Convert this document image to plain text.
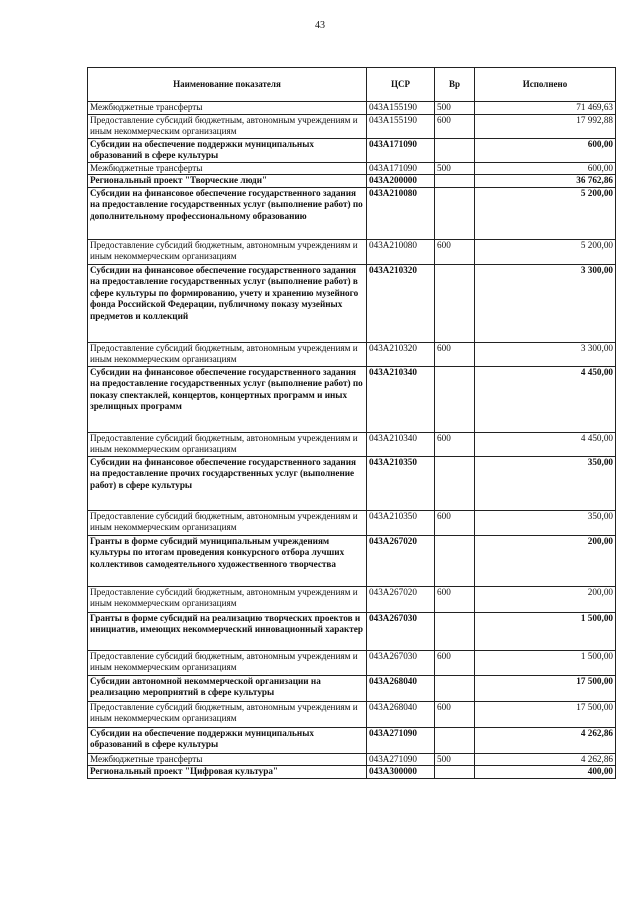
43
Наименование показателя	ЦСР	Вр	Исполнено
Межбюджетные трансферты	043A155190	500	71 469,63
Предоставление субсидий бюджетным, автономным учреждениям и иным некоммерческим организациям	043A155190	600	17 992,88
Субсидии на обеспечение поддержки муниципальных образований в сфере культуры	043A171090		600,00
Межбюджетные трансферты	043A171090	500	600,00
Региональный проект "Творческие люди"	043A200000		36 762,86
Субсидии на финансовое обеспечение государственного задания на предоставление государственных услуг (выполнение работ) по дополнительному профессиональному образованию	043A210080		5 200,00
Предоставление субсидий бюджетным, автономным учреждениям и иным некоммерческим организациям	043A210080	600	5 200,00
Субсидии на финансовое обеспечение государственного задания на предоставление государственных услуг (выполнение работ) в сфере культуры по формированию, учету и хранению музейного фонда Российской Федерации, публичному показу музейных предметов и коллекций	043A210320		3 300,00
Предоставление субсидий бюджетным, автономным учреждениям и иным некоммерческим организациям	043A210320	600	3 300,00
Субсидии на финансовое обеспечение государственного задания на предоставление государственных услуг (выполнение работ) по показу спектаклей, концертов, концертных программ и иных зрелищных программ	043A210340		4 450,00
Предоставление субсидий бюджетным, автономным учреждениям и иным некоммерческим организациям	043A210340	600	4 450,00
Субсидии на финансовое обеспечение государственного задания на предоставление прочих государственных услуг (выполнение работ) в сфере культуры	043A210350		350,00
Предоставление субсидий бюджетным, автономным учреждениям и иным некоммерческим организациям	043A210350	600	350,00
Гранты в форме субсидий муниципальным учреждениям культуры по итогам проведения конкурсного отбора лучших коллективов самодеятельного художественного творчества	043A267020		200,00
Предоставление субсидий бюджетным, автономным учреждениям и иным некоммерческим организациям	043A267020	600	200,00
Гранты в форме субсидий на реализацию творческих проектов и инициатив, имеющих некоммерческий инновационный характер	043A267030		1 500,00
Предоставление субсидий бюджетным, автономным учреждениям и иным некоммерческим организациям	043A267030	600	1 500,00
Субсидии автономной некоммерческой организации на реализацию мероприятий в сфере культуры	043A268040		17 500,00
Предоставление субсидий бюджетным, автономным учреждениям и иным некоммерческим организациям	043A268040	600	17 500,00
Субсидии на обеспечение поддержки муниципальных образований в сфере культуры	043A271090		4 262,86
Межбюджетные трансферты	043A271090	500	4 262,86
Региональный проект "Цифровая культура"	043A300000		400,00
